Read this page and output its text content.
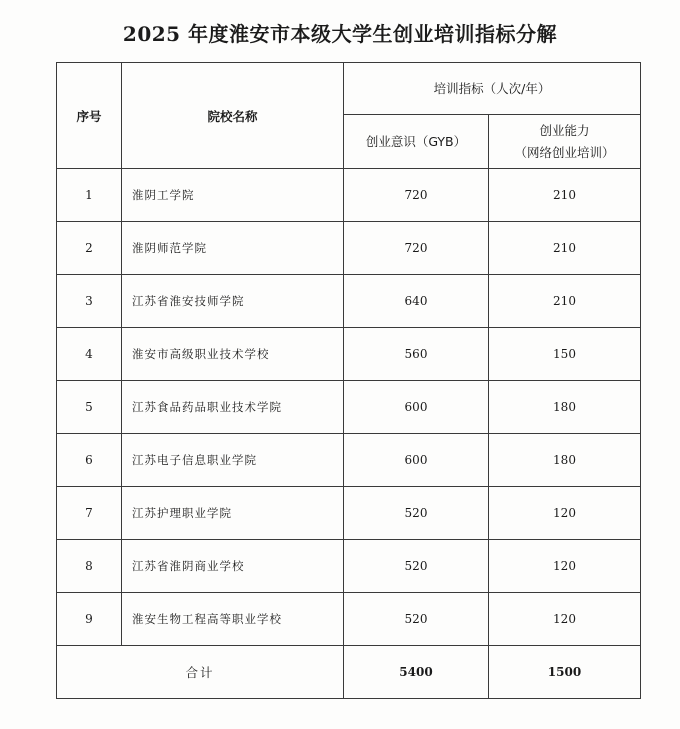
2025 年度淮安市本级大学生创业培训指标分解
序号	院校名称	培训指标（人次/年）	
		创业意识（GYB）	创业能力
（网络创业培训）

1	淮阴工学院	720	210
2	淮阴师范学院	720	210
3	江苏省淮安技师学院	640	210
4	淮安市高级职业技术学校	560	150
5	江苏食品药品职业技术学院	600	180
6	江苏电子信息职业学院	600	180
7	江苏护理职业学院	520	120
8	江苏省淮阴商业学校	520	120
9	淮安生物工程高等职业学校	520	120
合计		5400	1500
